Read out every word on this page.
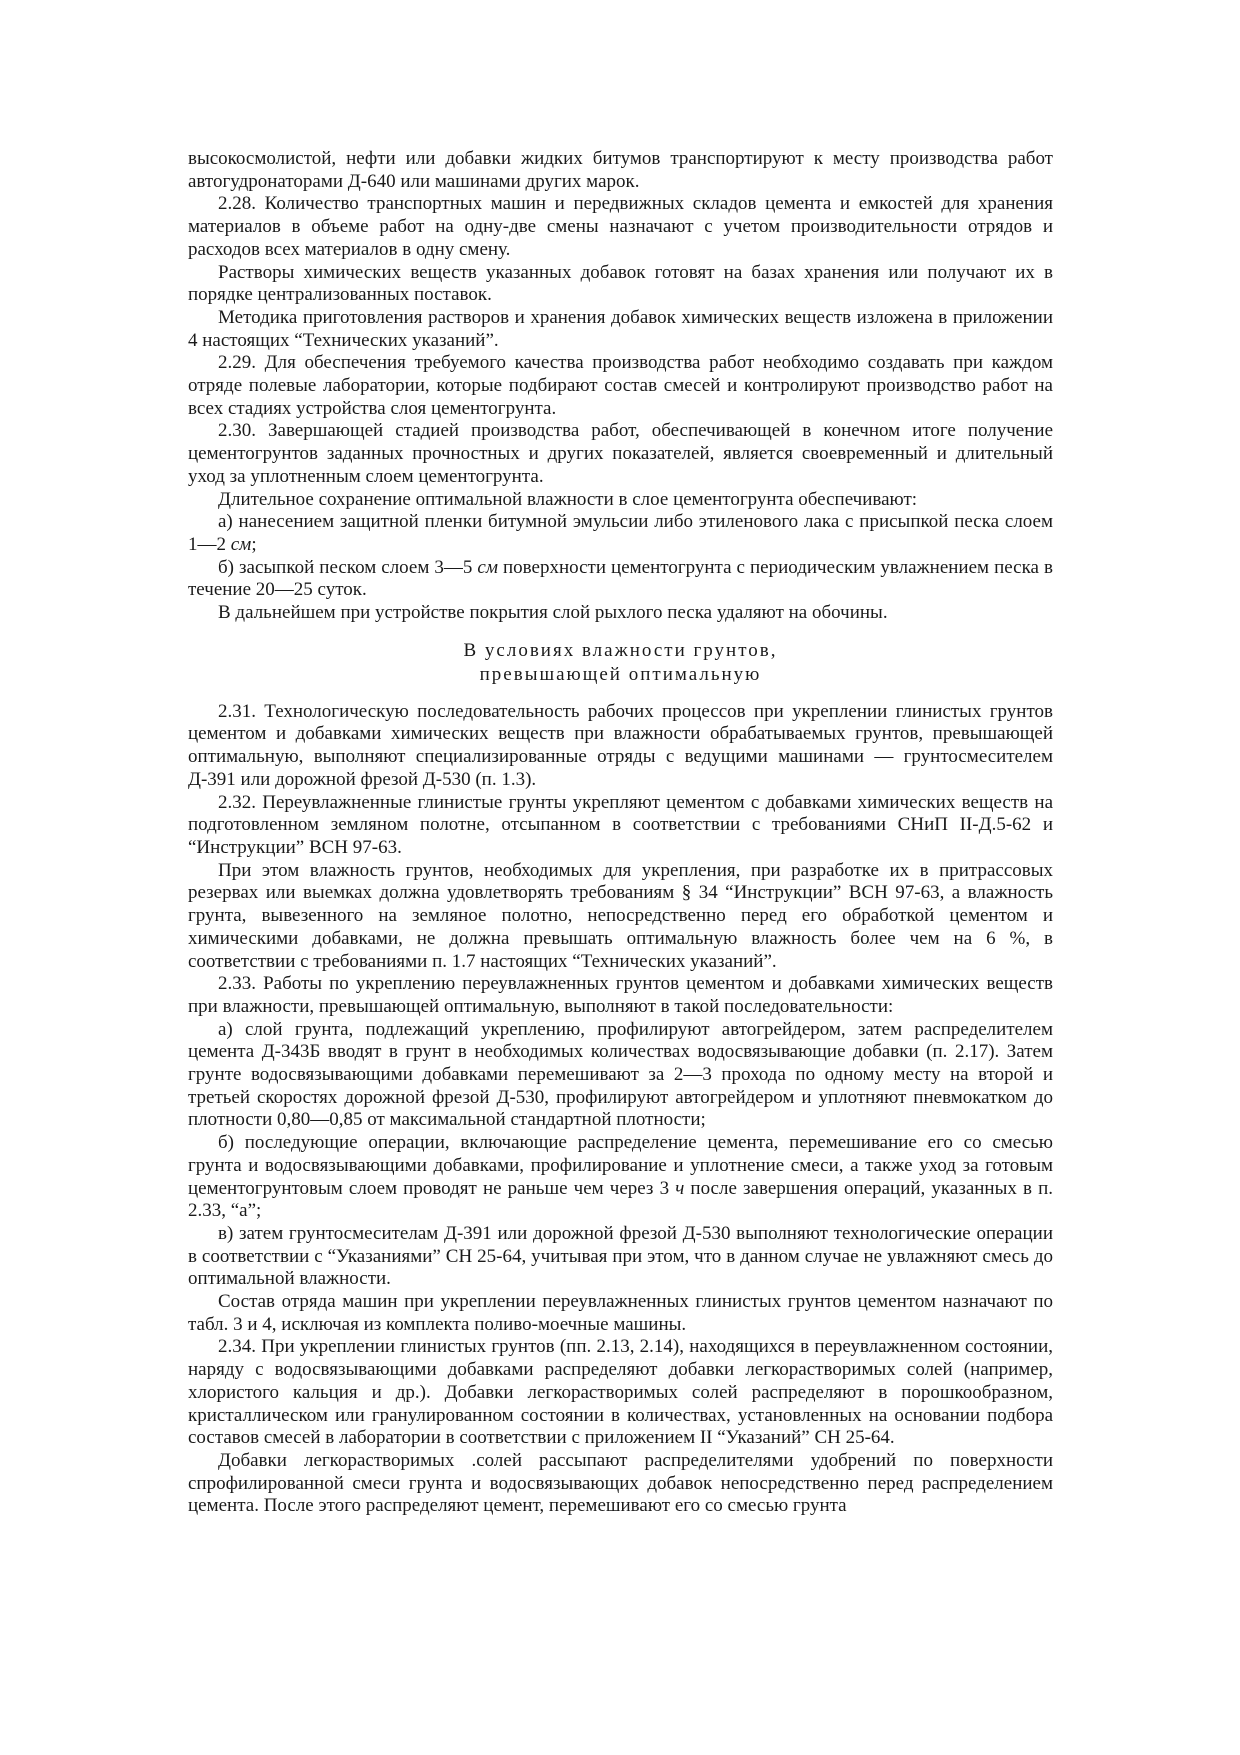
высокосмолистой, нефти или добавки жидких битумов транспортируют к месту производства работ автогудронаторами Д-640 или машинами других марок.

2.28. Количество транспортных машин и передвижных складов цемента и емкостей для хранения материалов в объеме работ на одну-две смены назначают с учетом производительности отрядов и расходов всех материалов в одну смену.

Растворы химических веществ указанных добавок готовят на базах хранения или получают их в порядке централизованных поставок.

Методика приготовления растворов и хранения добавок химических веществ изложена в приложении 4 настоящих “Технических указаний”.

2.29. Для обеспечения требуемого качества производства работ необходимо создавать при каждом отряде полевые лаборатории, которые подбирают состав смесей и контролируют производство работ на всех стадиях устройства слоя цементогрунта.

2.30. Завершающей стадией производства работ, обеспечивающей в конечном итоге получение цементогрунтов заданных прочностных и других показателей, является своевременный и длительный уход за уплотненным слоем цементогрунта.

Длительное сохранение оптимальной влажности в слое цементогрунта обеспечивают:

а) нанесением защитной пленки битумной эмульсии либо этиленового лака с присыпкой песка слоем 1—2 см;

б) засыпкой песком слоем 3—5 см поверхности цементогрунта с периодическим увлажнением песка в течение 20—25 суток.

В дальнейшем при устройстве покрытия слой рыхлого песка удаляют на обочины.

В условиях влажности грунтов,
превышающей оптимальную

2.31. Технологическую последовательность рабочих процессов при укреплении глинистых грунтов цементом и добавками химических веществ при влажности обрабатываемых грунтов, превышающей оптимальную, выполняют специализированные отряды с ведущими машинами — грунтосмесителем Д-391 или дорожной фрезой Д-530 (п. 1.3).

2.32. Переувлажненные глинистые грунты укрепляют цементом с добавками химических веществ на подготовленном земляном полотне, отсыпанном в соответствии с требованиями СНиП II-Д.5-62 и “Инструкции” ВСН 97-63.

При этом влажность грунтов, необходимых для укрепления, при разработке их в притрассовых резервах или выемках должна удовлетворять требованиям § 34 “Инструкции” ВСН 97-63, а влажность грунта, вывезенного на земляное полотно, непосредственно перед его обработкой цементом и химическими добавками, не должна превышать оптимальную влажность более чем на 6 %, в соответствии с требованиями п. 1.7 настоящих “Технических указаний”.

2.33. Работы по укреплению переувлажненных грунтов цементом и добавками химических веществ при влажности, превышающей оптимальную, выполняют в такой последовательности:

а) слой грунта, подлежащий укреплению, профилируют автогрейдером, затем распределителем цемента Д-343Б вводят в грунт в необходимых количествах водосвязывающие добавки (п. 2.17). Затем грунте водосвязывающими добавками перемешивают за 2—3 прохода по одному месту на второй и третьей скоростях дорожной фрезой Д-530, профилируют автогрейдером и уплотняют пневмокатком до плотности 0,80—0,85 от максимальной стандартной плотности;

б) последующие операции, включающие распределение цемента, перемешивание его со смесью грунта и водосвязывающими добавками, профилирование и уплотнение смеси, а также уход за готовым цементогрунтовым слоем проводят не раньше чем через 3 ч после завершения операций, указанных в п. 2.33, “а”;

в) затем грунтосмесителам Д-391 или дорожной фрезой Д-530 выполняют технологические операции в соответствии с “Указаниями” СН 25-64, учитывая при этом, что в данном случае не увлажняют смесь до оптимальной влажности.

Состав отряда машин при укреплении переувлажненных глинистых грунтов цементом назначают по табл. 3 и 4, исключая из комплекта поливо-моечные машины.

2.34. При укреплении глинистых грунтов (пп. 2.13, 2.14), находящихся в переувлажненном состоянии, наряду с водосвязывающими добавками распределяют добавки легкорастворимых солей (например, хлористого кальция и др.). Добавки легкорастворимых солей распределяют в порошкообразном, кристаллическом или гранулированном состоянии в количествах, установленных на основании подбора составов смесей в лаборатории в соответствии с приложением II “Указаний” СН 25-64.

Добавки легкорастворимых .солей рассыпают распределителями удобрений по поверхности спрофилированной смеси грунта и водосвязывающих добавок непосредственно перед распределением цемента. После этого распределяют цемент, перемешивают его со смесью грунта
